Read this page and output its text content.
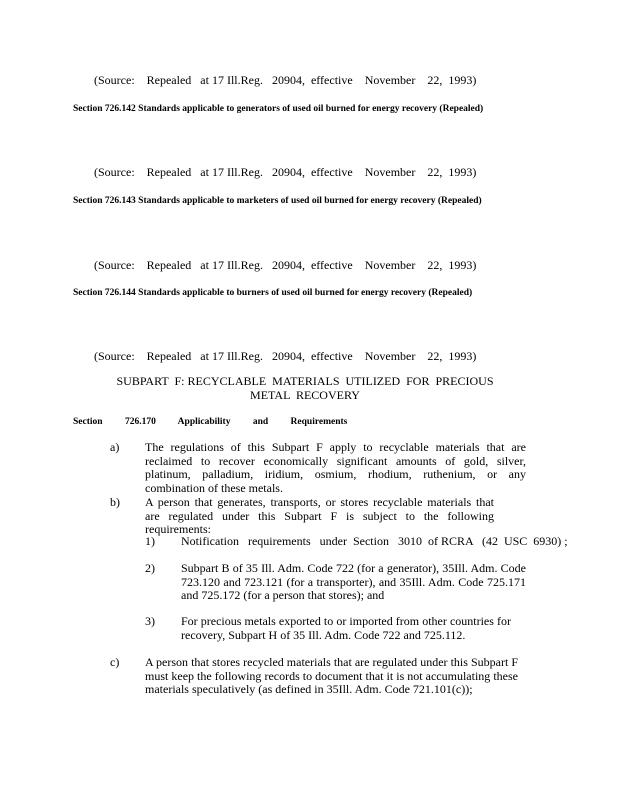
(Source:    Repealed   at 17 Ill.Reg.   20904,  effective    November    22,  1993)
Section 726.142 Standards applicable to generators of used oil burned for energy recovery (Repealed)
(Source:    Repealed   at 17 Ill.Reg.   20904,  effective    November    22,  1993)
Section 726.143 Standards applicable to marketers of used oil burned for energy recovery (Repealed)
(Source:    Repealed   at 17 Ill.Reg.   20904,  effective    November    22,  1993)
Section 726.144 Standards applicable to burners of used oil burned for energy recovery (Repealed)
(Source:    Repealed   at 17 Ill.Reg.   20904,  effective    November    22,  1993)
SUBPART  F: RECYCLABLE  MATERIALS  UTILIZED  FOR  PRECIOUS METAL  RECOVERY
Section 726.170 Applicability and Requirements
a) The regulations of this Subpart F apply to recyclable materials that are reclaimed to recover economically significant amounts of gold, silver, platinum, palladium, iridium, osmium, rhodium, ruthenium, or any combination of these metals.
b) A person that generates, transports, or stores recyclable materials that are regulated under this Subpart F is subject to the following requirements:
1) Notification   requirements   under  Section   3010  of RCRA   (42  USC  6930) ;
2) Subpart B of 35 Ill. Adm. Code 722 (for a generator), 35Ill. Adm. Code 723.120 and 723.121 (for a transporter), and 35Ill. Adm. Code 725.171 and 725.172 (for a person that stores); and
3) For precious metals exported to or imported from other countries for recovery, Subpart H of 35 Ill. Adm. Code 722 and 725.112.
c) A person that stores recycled materials that are regulated under this Subpart F must keep the following records to document that it is not accumulating these materials speculatively (as defined in 35Ill. Adm. Code 721.101(c));
